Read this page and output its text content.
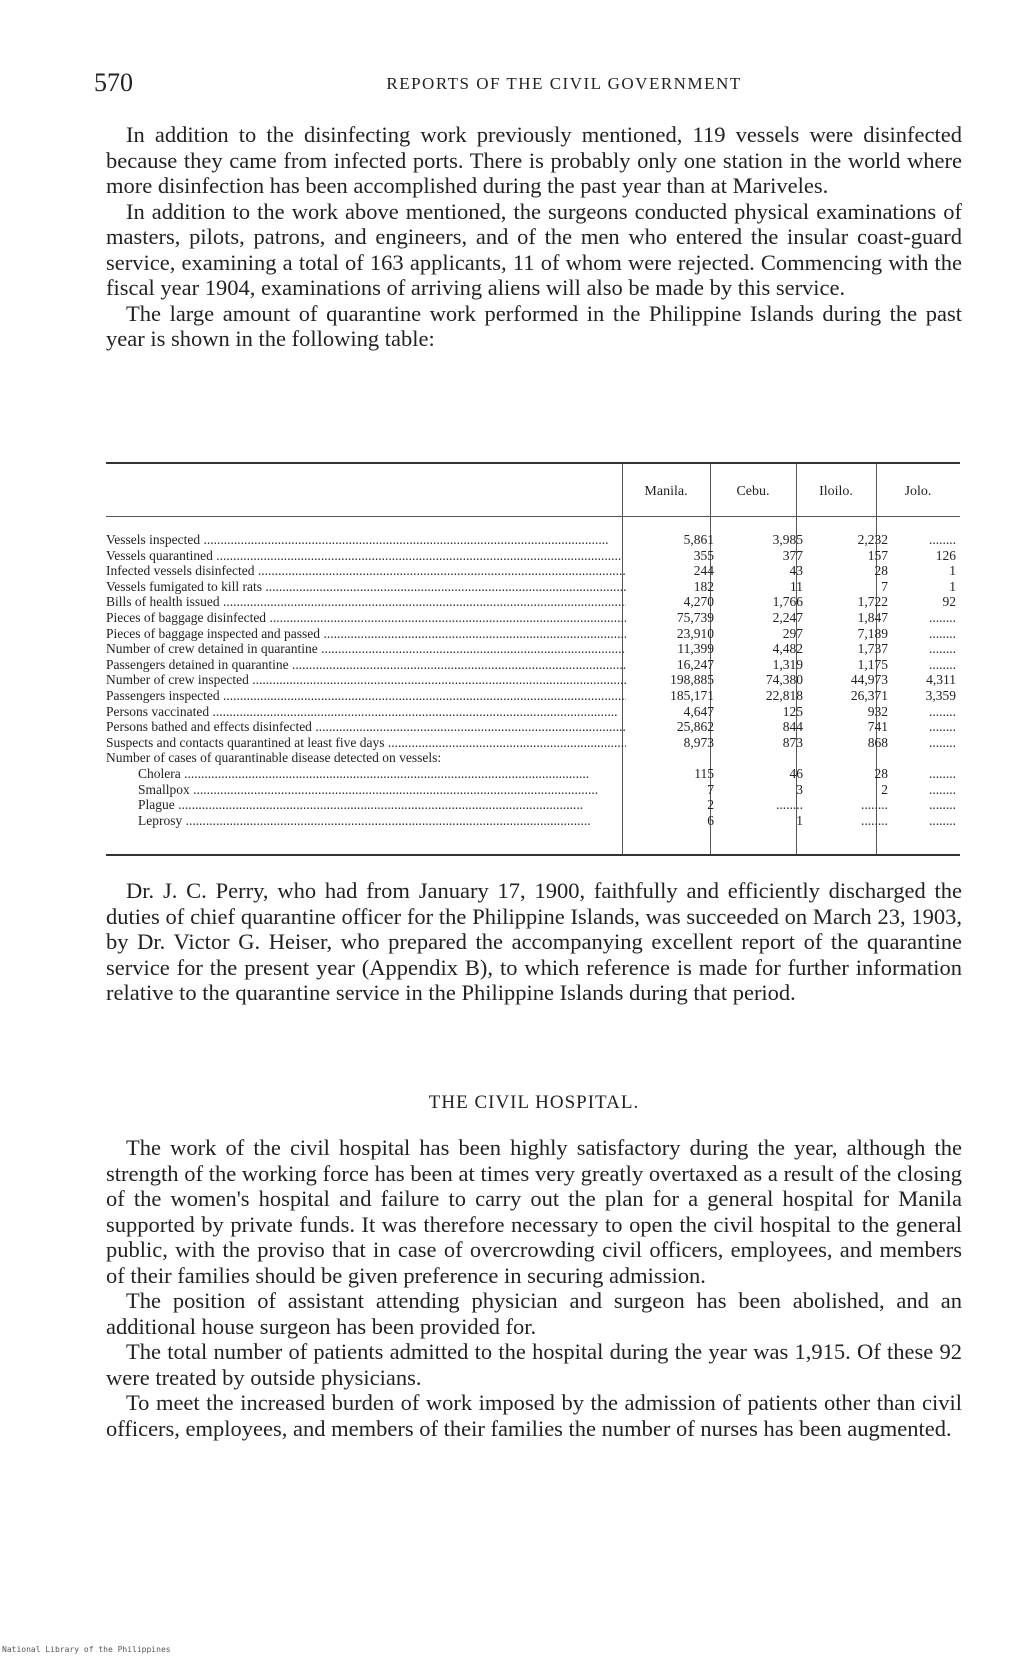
570	REPORTS OF THE CIVIL GOVERNMENT

In addition to the disinfecting work previously mentioned, 119 vessels were disinfected because they came from infected ports. There is probably only one station in the world where more disinfection has been accomplished during the past year than at Mariveles.

In addition to the work above mentioned, the surgeons conducted physical examinations of masters, pilots, patrons, and engineers, and of the men who entered the insular coast-guard service, examining a total of 163 applicants, 11 of whom were rejected. Commencing with the fiscal year 1904, examinations of arriving aliens will also be made by this service.

The large amount of quarantine work performed in the Philippine Islands during the past year is shown in the following table:

Manila.	Cebu.	Iloilo.	Jolo.
Vessels inspected .....	5,861	3,985	2,232	........
Vessels quarantined .....	355	377	157	126
Infected vessels disinfected .....	244	43	28	1
Vessels fumigated to kill rats .....	182	11	7	1
Bills of health issued .....	4,270	1,766	1,722	92
Pieces of baggage disinfected .....	75,739	2,247	1,847	........
Pieces of baggage inspected and passed .....	23,910	297	7,189	........
Number of crew detained in quarantine .....	11,399	4,482	1,737	........
Passengers detained in quarantine .....	16,247	1,319	1,175	........
Number of crew inspected .....	198,885	74,380	44,973	4,311
Passengers inspected .....	185,171	22,818	26,371	3,359
Persons vaccinated .....	4,647	125	932	........
Persons bathed and effects disinfected .....	25,862	844	741	........
Suspects and contacts quarantined at least five days .....	8,973	873	868	........
Number of cases of quarantinable disease detected on vessels:
Cholera .....	115	46	28	........
Smallpox .....	7	3	2	........
Plague .....	2	........	........	........
Leprosy .....	6	1	........	........

Dr. J. C. Perry, who had from January 17, 1900, faithfully and efficiently discharged the duties of chief quarantine officer for the Philippine Islands, was succeeded on March 23, 1903, by Dr. Victor G. Heiser, who prepared the accompanying excellent report of the quarantine service for the present year (Appendix B), to which reference is made for further information relative to the quarantine service in the Philippine Islands during that period.

THE CIVIL HOSPITAL.

The work of the civil hospital has been highly satisfactory during the year, although the strength of the working force has been at times very greatly overtaxed as a result of the closing of the women's hospital and failure to carry out the plan for a general hospital for Manila supported by private funds. It was therefore necessary to open the civil hospital to the general public, with the proviso that in case of overcrowding civil officers, employees, and members of their families should be given preference in securing admission.

The position of assistant attending physician and surgeon has been abolished, and an additional house surgeon has been provided for.

The total number of patients admitted to the hospital during the year was 1,915. Of these 92 were treated by outside physicians.

To meet the increased burden of work imposed by the admission of patients other than civil officers, employees, and members of their families the number of nurses has been augmented.

National Library of the Philippines
